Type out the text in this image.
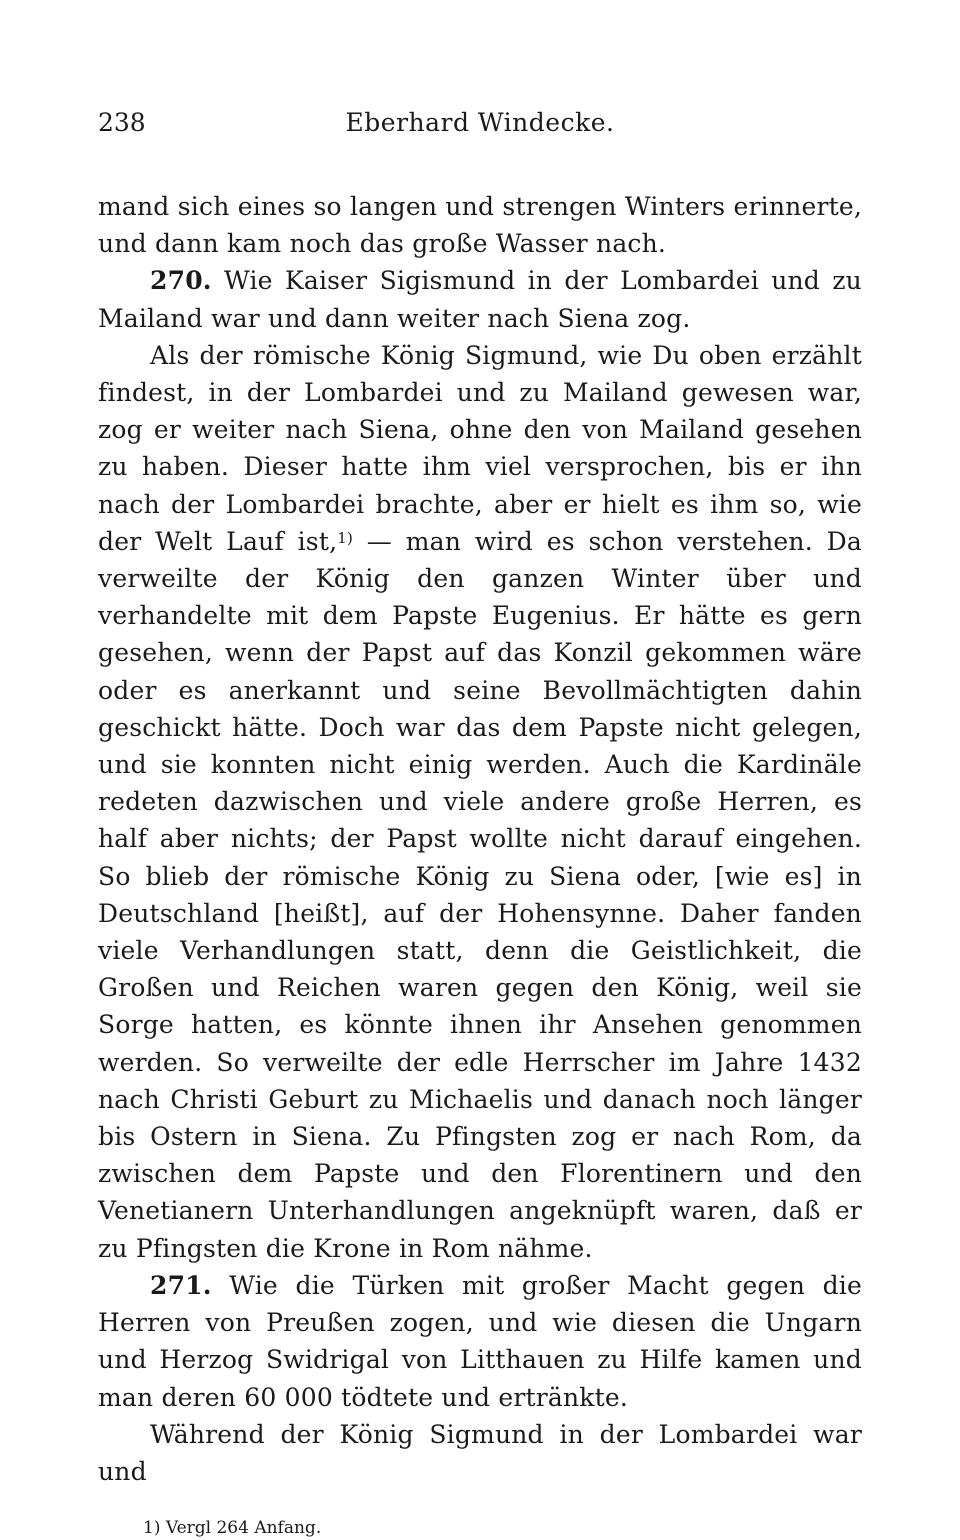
238	Eberhard Windecke.

mand sich eines so langen und strengen Winters erinnerte, und dann kam noch das große Wasser nach.

270. Wie Kaiser Sigismund in der Lombardei und zu Mailand war und dann weiter nach Siena zog.

Als der römische König Sigmund, wie Du oben erzählt findest, in der Lombardei und zu Mailand gewesen war, zog er weiter nach Siena, ohne den von Mailand gesehen zu haben. Dieser hatte ihm viel versprochen, bis er ihn nach der Lombardei brachte, aber er hielt es ihm so, wie der Welt Lauf ist,$^{1)}$ — man wird es schon verstehen. Da verweilte der König den ganzen Winter über und verhandelte mit dem Papste Eugenius. Er hätte es gern gesehen, wenn der Papst auf das Konzil gekommen wäre oder es anerkannt und seine Bevollmächtigten dahin geschickt hätte. Doch war das dem Papste nicht gelegen, und sie konnten nicht einig werden. Auch die Kardinäle redeten dazwischen und viele andere große Herren, es half aber nichts; der Papst wollte nicht darauf eingehen. So blieb der römische König zu Siena oder, [wie es] in Deutschland [heißt], auf der Hohensynne. Daher fanden viele Verhandlungen statt, denn die Geistlichkeit, die Großen und Reichen waren gegen den König, weil sie Sorge hatten, es könnte ihnen ihr Ansehen genommen werden. So verweilte der edle Herrscher im Jahre 1432 nach Christi Geburt zu Michaelis und danach noch länger bis Ostern in Siena. Zu Pfingsten zog er nach Rom, da zwischen dem Papste und den Florentinern und den Venetianern Unterhandlungen angeknüpft waren, daß er zu Pfingsten die Krone in Rom nähme.

271. Wie die Türken mit großer Macht gegen die Herren von Preußen zogen, und wie diesen die Ungarn und Herzog Swidrigal von Litthauen zu Hilfe kamen und man deren 60 000 tödtete und ertränkte.

Während der König Sigmund in der Lombardei war und

1) Vergl 264 Anfang.
